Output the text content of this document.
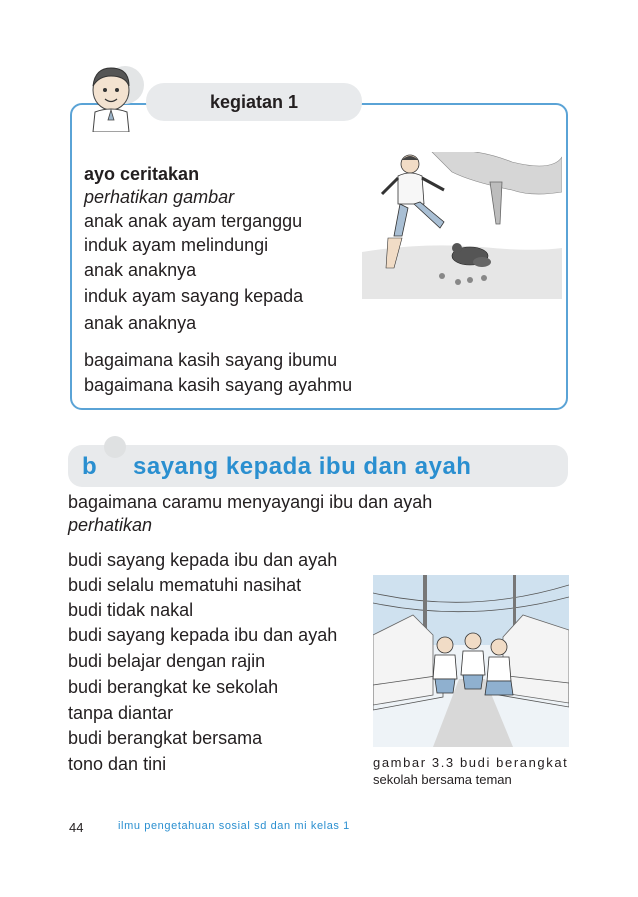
kegiatan 1
ayo ceritakan
perhatikan gambar
anak anak ayam terganggu
induk ayam melindungi
anak anaknya
induk ayam sayang kepada
anak anaknya
bagaimana kasih sayang ibumu
bagaimana kasih sayang ayahmu
b sayang kepada ibu dan ayah
bagaimana caramu menyayangi ibu dan ayah
perhatikan
budi sayang kepada ibu dan ayah
budi selalu mematuhi nasihat
budi tidak nakal
budi sayang kepada ibu dan ayah
budi belajar dengan rajin
budi berangkat ke sekolah
tanpa diantar
budi berangkat bersama
tono dan tini	gambar 3.3 budi berangkat
sekolah bersama teman
44	ilmu pengetahuan sosial sd dan mi kelas 1
